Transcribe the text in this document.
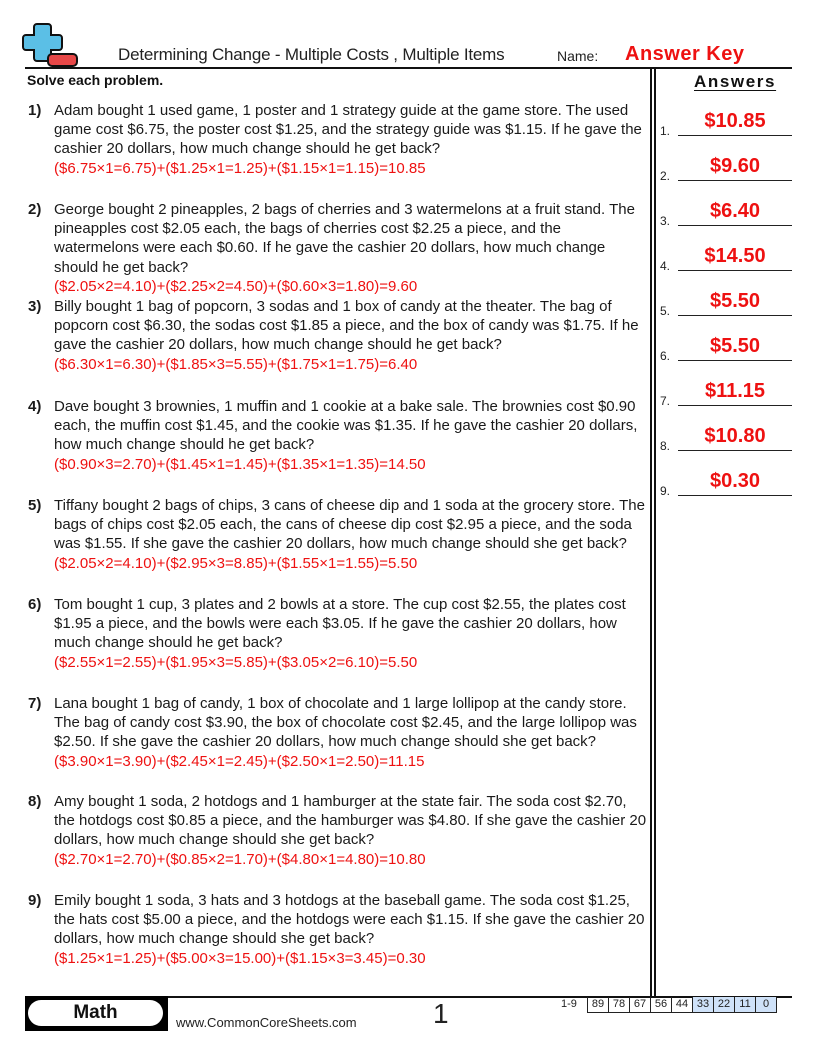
Determining Change - Multiple Costs , Multiple Items	Name: Answer Key
Solve each problem.	Answers
1) Adam bought 1 used game, 1 poster and 1 strategy guide at the game store. The used game cost $6.75, the poster cost $1.25, and the strategy guide was $1.15. If he gave the cashier 20 dollars, how much change should he get back?
($6.75×1=6.75)+($1.25×1=1.25)+($1.15×1=1.15)=10.85
2) George bought 2 pineapples, 2 bags of cherries and 3 watermelons at a fruit stand. The pineapples cost $2.05 each, the bags of cherries cost $2.25 a piece, and the watermelons were each $0.60. If he gave the cashier 20 dollars, how much change should he get back?
($2.05×2=4.10)+($2.25×2=4.50)+($0.60×3=1.80)=9.60
3) Billy bought 1 bag of popcorn, 3 sodas and 1 box of candy at the theater. The bag of popcorn cost $6.30, the sodas cost $1.85 a piece, and the box of candy was $1.75. If he gave the cashier 20 dollars, how much change should he get back?
($6.30×1=6.30)+($1.85×3=5.55)+($1.75×1=1.75)=6.40
4) Dave bought 3 brownies, 1 muffin and 1 cookie at a bake sale. The brownies cost $0.90 each, the muffin cost $1.45, and the cookie was $1.35. If he gave the cashier 20 dollars, how much change should he get back?
($0.90×3=2.70)+($1.45×1=1.45)+($1.35×1=1.35)=14.50
5) Tiffany bought 2 bags of chips, 3 cans of cheese dip and 1 soda at the grocery store. The bags of chips cost $2.05 each, the cans of cheese dip cost $2.95 a piece, and the soda was $1.55. If she gave the cashier 20 dollars, how much change should she get back?
($2.05×2=4.10)+($2.95×3=8.85)+($1.55×1=1.55)=5.50
6) Tom bought 1 cup, 3 plates and 2 bowls at a store. The cup cost $2.55, the plates cost $1.95 a piece, and the bowls were each $3.05. If he gave the cashier 20 dollars, how much change should he get back?
($2.55×1=2.55)+($1.95×3=5.85)+($3.05×2=6.10)=5.50
7) Lana bought 1 bag of candy, 1 box of chocolate and 1 large lollipop at the candy store. The bag of candy cost $3.90, the box of chocolate cost $2.45, and the large lollipop was $2.50. If she gave the cashier 20 dollars, how much change should she get back?
($3.90×1=3.90)+($2.45×1=2.45)+($2.50×1=2.50)=11.15
8) Amy bought 1 soda, 2 hotdogs and 1 hamburger at the state fair. The soda cost $2.70, the hotdogs cost $0.85 a piece, and the hamburger was $4.80. If she gave the cashier 20 dollars, how much change should she get back?
($2.70×1=2.70)+($0.85×2=1.70)+($4.80×1=4.80)=10.80
9) Emily bought 1 soda, 3 hats and 3 hotdogs at the baseball game. The soda cost $1.25, the hats cost $5.00 a piece, and the hotdogs were each $1.15. If she gave the cashier 20 dollars, how much change should she get back?
($1.25×1=1.25)+($5.00×3=15.00)+($1.15×3=3.45)=0.30
1.	$10.85
2.	$9.60
3.	$6.40
4.	$14.50
5.	$5.50
6.	$5.50
7.	$11.15
8.	$10.80
9.	$0.30
Math	www.CommonCoreSheets.com	1	1-9	89 78 67 56 44 33 22 11	0
